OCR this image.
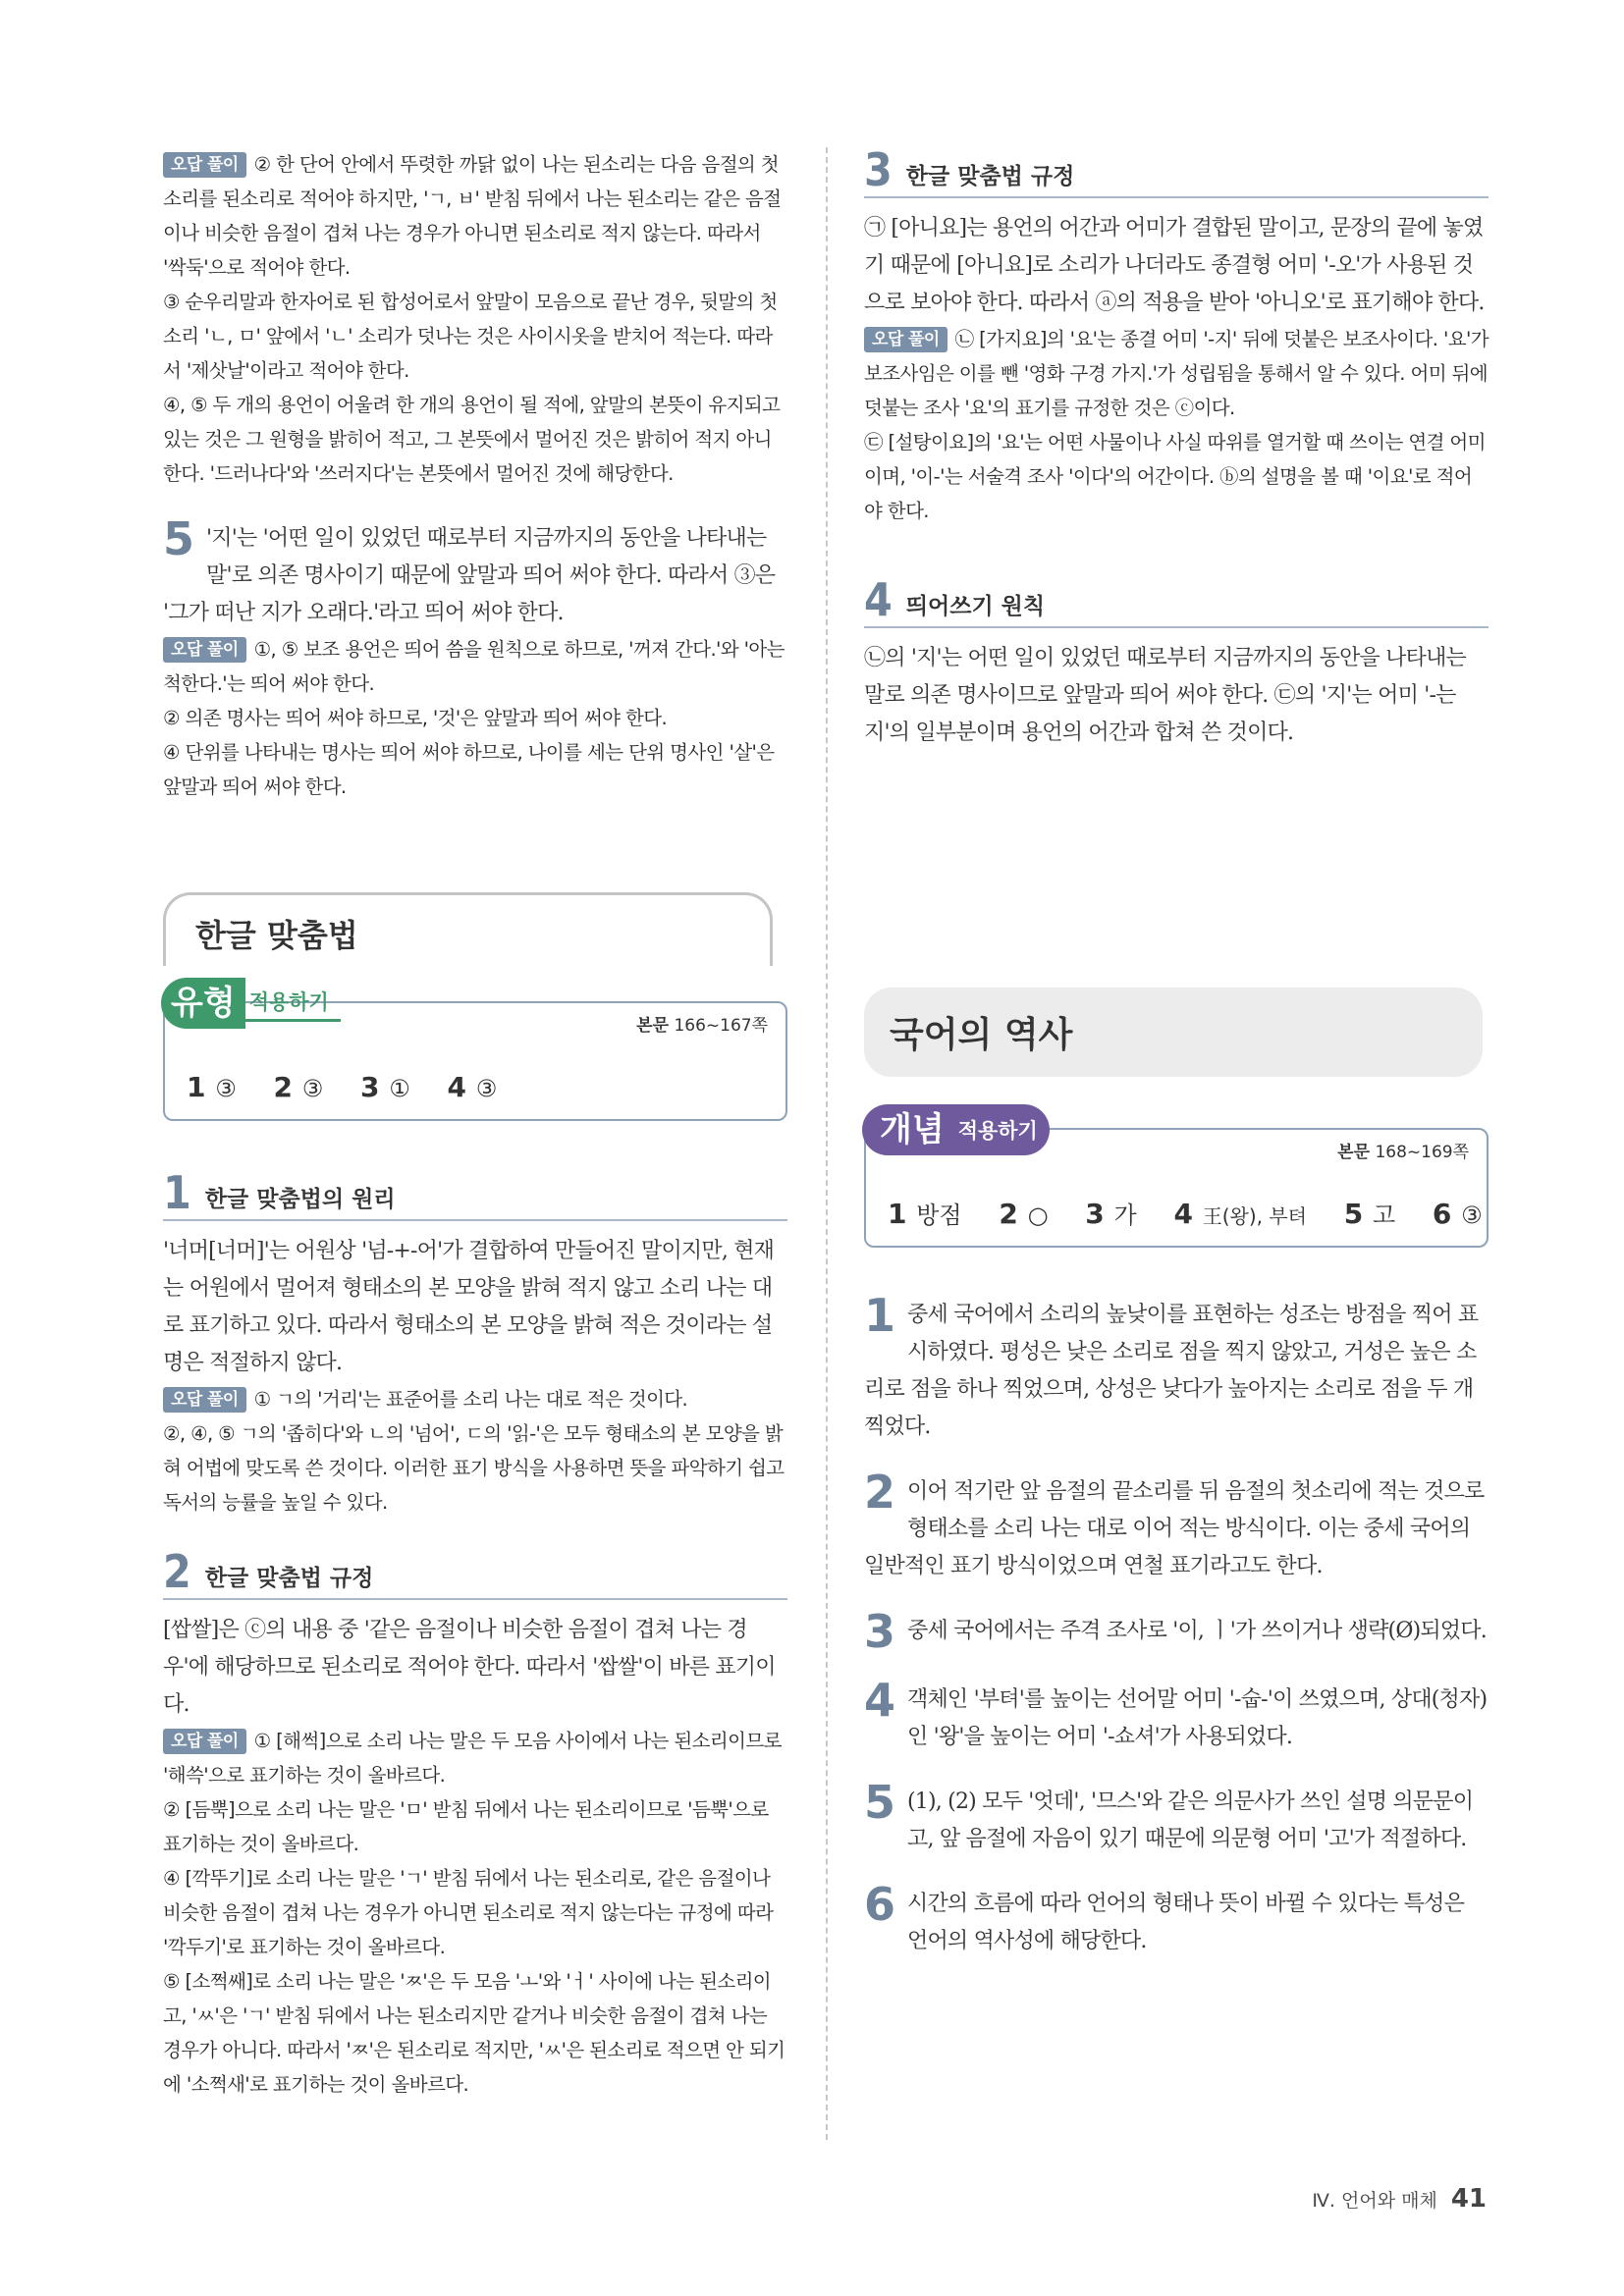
오답 풀이 ② 한 단어 안에서 뚜렷한 까닭 없이 나는 된소리는 다음 음절의 첫소리를 된소리로 적어야 하지만, 'ㄱ, ㅂ' 받침 뒤에서 나는 된소리는 같은 음절이나 비슷한 음절이 겹쳐 나는 경우가 아니면 된소리로 적지 않는다. 따라서 '싹둑'으로 적어야 한다.

③ 순우리말과 한자어로 된 합성어로서 앞말이 모음으로 끝난 경우, 뒷말의 첫소리 'ㄴ, ㅁ' 앞에서 'ㄴ' 소리가 덧나는 것은 사이시옷을 받치어 적는다. 따라서 '제삿날'이라고 적어야 한다.

④, ⑤ 두 개의 용언이 어울려 한 개의 용언이 될 적에, 앞말의 본뜻이 유지되고 있는 것은 그 원형을 밝히어 적고, 그 본뜻에서 멀어진 것은 밝히어 적지 아니한다. '드러나다'와 '쓰러지다'는 본뜻에서 멀어진 것에 해당한다.

5 '지'는 '어떤 일이 있었던 때로부터 지금까지의 동안을 나타내는 말'로 의존 명사이기 때문에 앞말과 띄어 써야 한다. 따라서 ③은 '그가 떠난 지가 오래다.'라고 띄어 써야 한다.

오답 풀이 ①, ⑤ 보조 용언은 띄어 씀을 원칙으로 하므로, '꺼져 간다.'와 '아는 척한다.'는 띄어 써야 한다.

② 의존 명사는 띄어 써야 하므로, '것'은 앞말과 띄어 써야 한다.

④ 단위를 나타내는 명사는 띄어 써야 하므로, 나이를 세는 단위 명사인 '살'은 앞말과 띄어 써야 한다.

한글 맞춤법
유형 적용하기
본문 166~167쪽
1 ③ 2 ③ 3 ① 4 ③
1 한글 맞춤법의 원리

'너머[너머]'는 어원상 '넘-+-어'가 결합하여 만들어진 말이지만, 현재는 어원에서 멀어져 형태소의 본 모양을 밝혀 적지 않고 소리 나는 대로 표기하고 있다. 따라서 형태소의 본 모양을 밝혀 적은 것이라는 설명은 적절하지 않다.

오답 풀이 ① ㄱ의 '거리'는 표준어를 소리 나는 대로 적은 것이다.

②, ④, ⑤ ㄱ의 '좁히다'와 ㄴ의 '넘어', ㄷ의 '읽-'은 모두 형태소의 본 모양을 밝혀 어법에 맞도록 쓴 것이다. 이러한 표기 방식을 사용하면 뜻을 파악하기 쉽고 독서의 능률을 높일 수 있다.

2 한글 맞춤법 규정

[쌉쌀]은 ⓒ의 내용 중 '같은 음절이나 비슷한 음절이 겹쳐 나는 경우'에 해당하므로 된소리로 적어야 한다. 따라서 '쌉쌀'이 바른 표기이다.

오답 풀이 ① [해썩]으로 소리 나는 말은 두 모음 사이에서 나는 된소리이므로 '해쓱'으로 표기하는 것이 올바르다.

② [듬뿍]으로 소리 나는 말은 'ㅁ' 받침 뒤에서 나는 된소리이므로 '듬뿍'으로 표기하는 것이 올바르다.

④ [깍뚜기]로 소리 나는 말은 'ㄱ' 받침 뒤에서 나는 된소리로, 같은 음절이나 비슷한 음절이 겹쳐 나는 경우가 아니면 된소리로 적지 않는다는 규정에 따라 '깍두기'로 표기하는 것이 올바르다.

⑤ [소쩍쌔]로 소리 나는 말은 'ㅉ'은 두 모음 'ㅗ'와 'ㅓ' 사이에 나는 된소리이고, 'ㅆ'은 'ㄱ' 받침 뒤에서 나는 된소리지만 같거나 비슷한 음절이 겹쳐 나는 경우가 아니다. 따라서 'ㅉ'은 된소리로 적지만, 'ㅆ'은 된소리로 적으면 안 되기에 '소쩍새'로 표기하는 것이 올바르다.

3 한글 맞춤법 규정

㉠ [아니요]는 용언의 어간과 어미가 결합된 말이고, 문장의 끝에 놓였기 때문에 [아니요]로 소리가 나더라도 종결형 어미 '-오'가 사용된 것으로 보아야 한다. 따라서 ⓐ의 적용을 받아 '아니오'로 표기해야 한다.

오답 풀이 ㉡ [가지요]의 '요'는 종결 어미 '-지' 뒤에 덧붙은 보조사이다. '요'가 보조사임은 이를 뺀 '영화 구경 가지.'가 성립됨을 통해서 알 수 있다. 어미 뒤에 덧붙는 조사 '요'의 표기를 규정한 것은 ⓒ이다.

㉢ [설탕이요]의 '요'는 어떤 사물이나 사실 따위를 열거할 때 쓰이는 연결 어미이며, '이-'는 서술격 조사 '이다'의 어간이다. ⓑ의 설명을 볼 때 '이요'로 적어야 한다.

4 띄어쓰기 원칙

㉡의 '지'는 어떤 일이 있었던 때로부터 지금까지의 동안을 나타내는 말로 의존 명사이므로 앞말과 띄어 써야 한다. ㉢의 '지'는 어미 '-는지'의 일부분이며 용언의 어간과 합쳐 쓴 것이다.

국어의 역사
개념 적용하기
본문 168~169쪽
1 방점 2 ○ 3 가 4 王(왕), 부텨 5 고 6 ③
1 중세 국어에서 소리의 높낮이를 표현하는 성조는 방점을 찍어 표시하였다. 평성은 낮은 소리로 점을 찍지 않았고, 거성은 높은 소리로 점을 하나 찍었으며, 상성은 낮다가 높아지는 소리로 점을 두 개 찍었다.

2 이어 적기란 앞 음절의 끝소리를 뒤 음절의 첫소리에 적는 것으로 형태소를 소리 나는 대로 이어 적는 방식이다. 이는 중세 국어의 일반적인 표기 방식이었으며 연철 표기라고도 한다.

3 중세 국어에서는 주격 조사로 '이, ㅣ'가 쓰이거나 생략(Ø)되었다.

4 객체인 '부텨'를 높이는 선어말 어미 '-숩-'이 쓰였으며, 상대(청자)인 '왕'을 높이는 어미 '-쇼셔'가 사용되었다.

5 (1), (2) 모두 '엇데', '므스'와 같은 의문사가 쓰인 설명 의문문이고, 앞 음절에 자음이 있기 때문에 의문형 어미 '고'가 적절하다.

6 시간의 흐름에 따라 언어의 형태나 뜻이 바뀔 수 있다는 특성은 언어의 역사성에 해당한다.

Ⅳ. 언어와 매체 41
